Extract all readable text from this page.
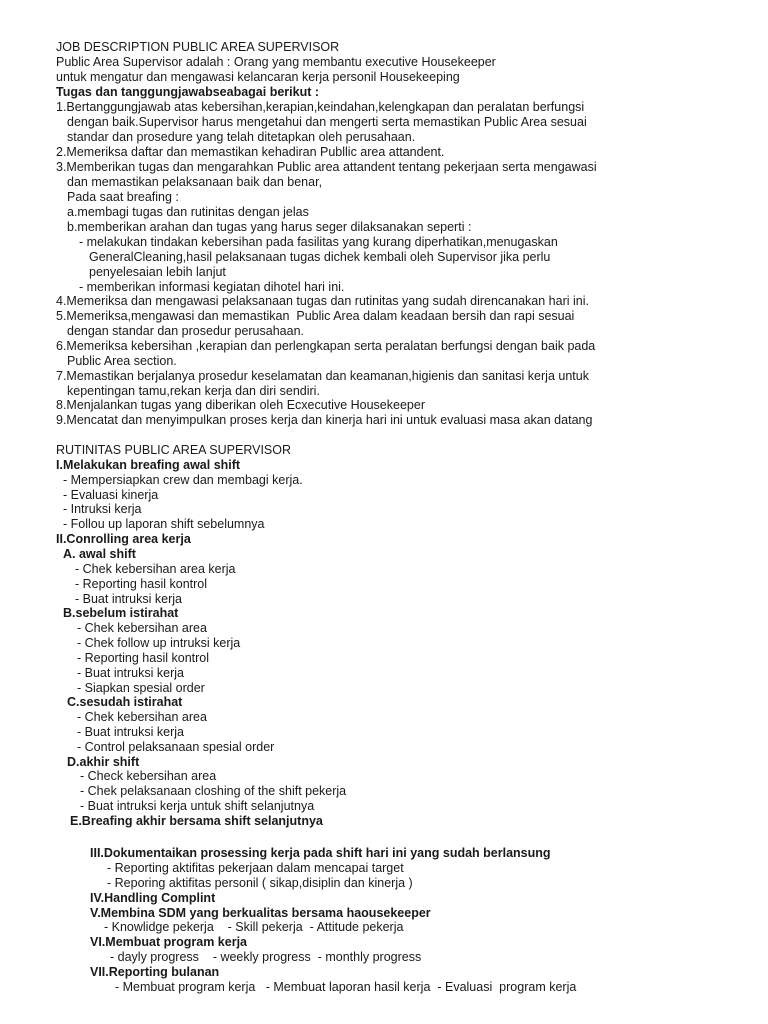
JOB DESCRIPTION PUBLIC AREA SUPERVISOR
Public Area Supervisor adalah : Orang yang membantu executive Housekeeper
untuk mengatur dan mengawasi kelancaran kerja personil Housekeeping
Tugas dan tanggungjawabseabagai berikut :
1.Bertanggungjawab atas kebersihan,kerapian,keindahan,kelengkapan dan peralatan berfungsi
dengan baik.Supervisor harus mengetahui dan mengerti serta memastikan Public Area sesuai
standar dan prosedure yang telah ditetapkan oleh perusahaan.
2.Memeriksa daftar dan memastikan kehadiran Publlic area attandent.
3.Memberikan tugas dan mengarahkan Public area attandent tentang pekerjaan serta mengawasi
dan memastikan pelaksanaan baik dan benar,
Pada saat breafing :
a.membagi tugas dan rutinitas dengan jelas
b.memberikan arahan dan tugas yang harus seger dilaksanakan seperti :
- melakukan tindakan kebersihan pada fasilitas yang kurang diperhatikan,menugaskan
GeneralCleaning,hasil pelaksanaan tugas dichek kembali oleh Supervisor jika perlu
penyelesaian lebih lanjut
- memberikan informasi kegiatan dihotel hari ini.
4.Memeriksa dan mengawasi pelaksanaan tugas dan rutinitas yang sudah direncanakan hari ini.
5.Memeriksa,mengawasi dan memastikan  Public Area dalam keadaan bersih dan rapi sesuai
dengan standar dan prosedur perusahaan.
6.Memeriksa kebersihan ,kerapian dan perlengkapan serta peralatan berfungsi dengan baik pada
Public Area section.
7.Memastikan berjalanya prosedur keselamatan dan keamanan,higienis dan sanitasi kerja untuk
kepentingan tamu,rekan kerja dan diri sendiri.
8.Menjalankan tugas yang diberikan oleh Ecxecutive Housekeeper
9.Mencatat dan menyimpulkan proses kerja dan kinerja hari ini untuk evaluasi masa akan datang
RUTINITAS PUBLIC AREA SUPERVISOR
I.Melakukan breafing awal shift
- Mempersiapkan crew dan membagi kerja.
- Evaluasi kinerja
- Intruksi kerja
- Follou up laporan shift sebelumnya
II.Conrolling area kerja
A. awal shift
- Chek kebersihan area kerja
- Reporting hasil kontrol
- Buat intruksi kerja
B.sebelum istirahat
- Chek kebersihan area
- Chek follow up intruksi kerja
- Reporting hasil kontrol
- Buat intruksi kerja
- Siapkan spesial order
C.sesudah istirahat
- Chek kebersihan area
- Buat intruksi kerja
- Control pelaksanaan spesial order
D.akhir shift
- Check kebersihan area
- Chek pelaksanaan closhing of the shift pekerja
- Buat intruksi kerja untuk shift selanjutnya
E.Breafing akhir bersama shift selanjutnya
III.Dokumentaikan prosessing kerja pada shift hari ini yang sudah berlansung
- Reporting aktifitas pekerjaan dalam mencapai target
- Reporing aktifitas personil ( sikap,disiplin dan kinerja )
IV.Handling Complint
V.Membina SDM yang berkualitas bersama haousekeeper
- Knowlidge pekerja    - Skill pekerja  - Attitude pekerja
VI.Membuat program kerja
- dayly progress    - weekly progress  - monthly progress
VII.Reporting bulanan
- Membuat program kerja   - Membuat laporan hasil kerja  - Evaluasi  program kerja
